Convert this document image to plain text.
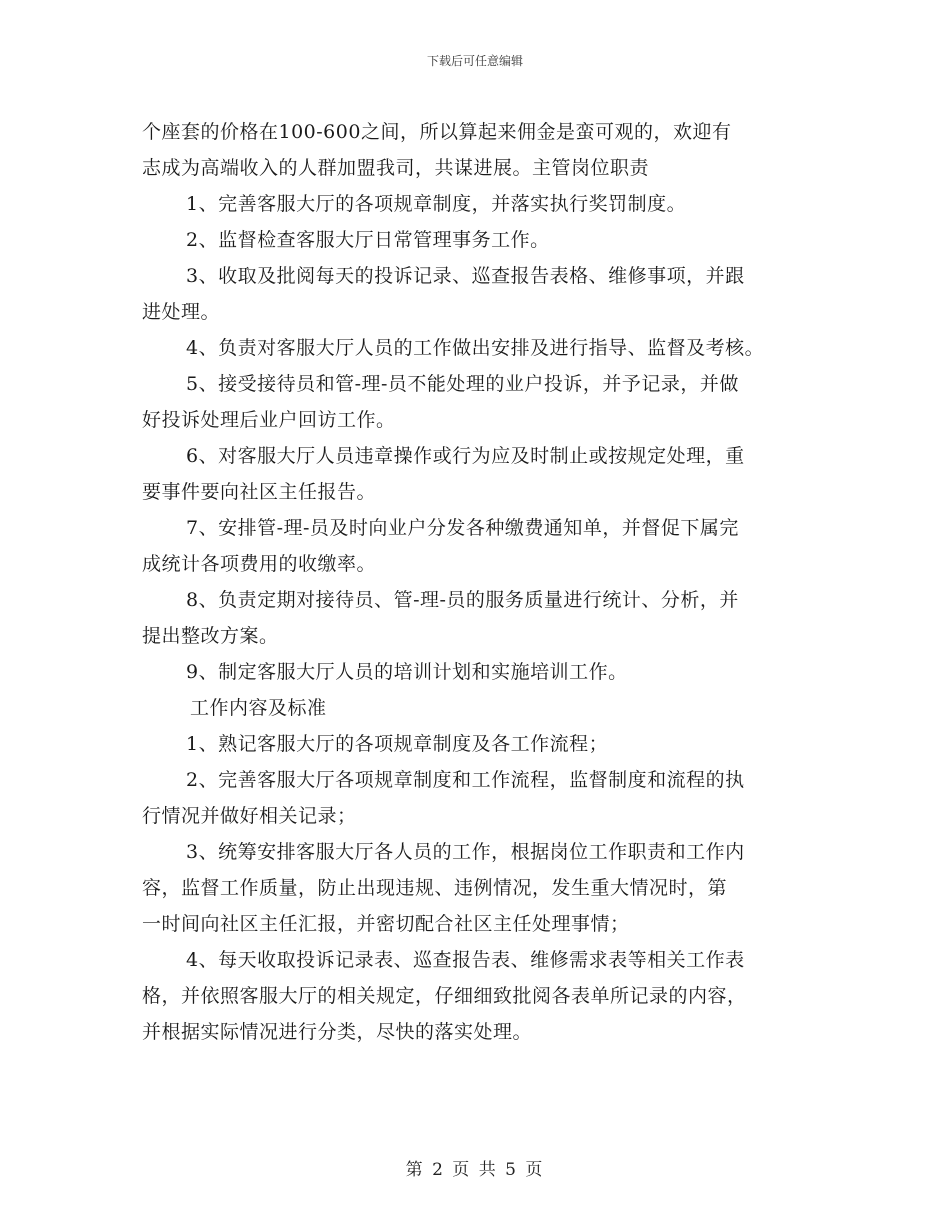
下载后可任意编辑
个座套的价格在100-600之间，所以算起来佣金是蛮可观的，欢迎有
志成为高端收入的人群加盟我司，共谋进展。主管岗位职责
1、完善客服大厅的各项规章制度，并落实执行奖罚制度。
2、监督检查客服大厅日常管理事务工作。
3、收取及批阅每天的投诉记录、巡查报告表格、维修事项，并跟
进处理。
4、负责对客服大厅人员的工作做出安排及进行指导、监督及考核。
5、接受接待员和管-理-员不能处理的业户投诉，并予记录，并做
好投诉处理后业户回访工作。
6、对客服大厅人员违章操作或行为应及时制止或按规定处理，重
要事件要向社区主任报告。
7、安排管-理-员及时向业户分发各种缴费通知单，并督促下属完
成统计各项费用的收缴率。
8、负责定期对接待员、管-理-员的服务质量进行统计、分析，并
提出整改方案。
9、制定客服大厅人员的培训计划和实施培训工作。
工作内容及标准
1、熟记客服大厅的各项规章制度及各工作流程；
2、完善客服大厅各项规章制度和工作流程，监督制度和流程的执
行情况并做好相关记录；
3、统筹安排客服大厅各人员的工作，根据岗位工作职责和工作内
容，监督工作质量，防止出现违规、违例情况，发生重大情况时，第
一时间向社区主任汇报，并密切配合社区主任处理事情；
4、每天收取投诉记录表、巡查报告表、维修需求表等相关工作表
格，并依照客服大厅的相关规定，仔细细致批阅各表单所记录的内容，
并根据实际情况进行分类，尽快的落实处理。
第 2 页 共 5 页
